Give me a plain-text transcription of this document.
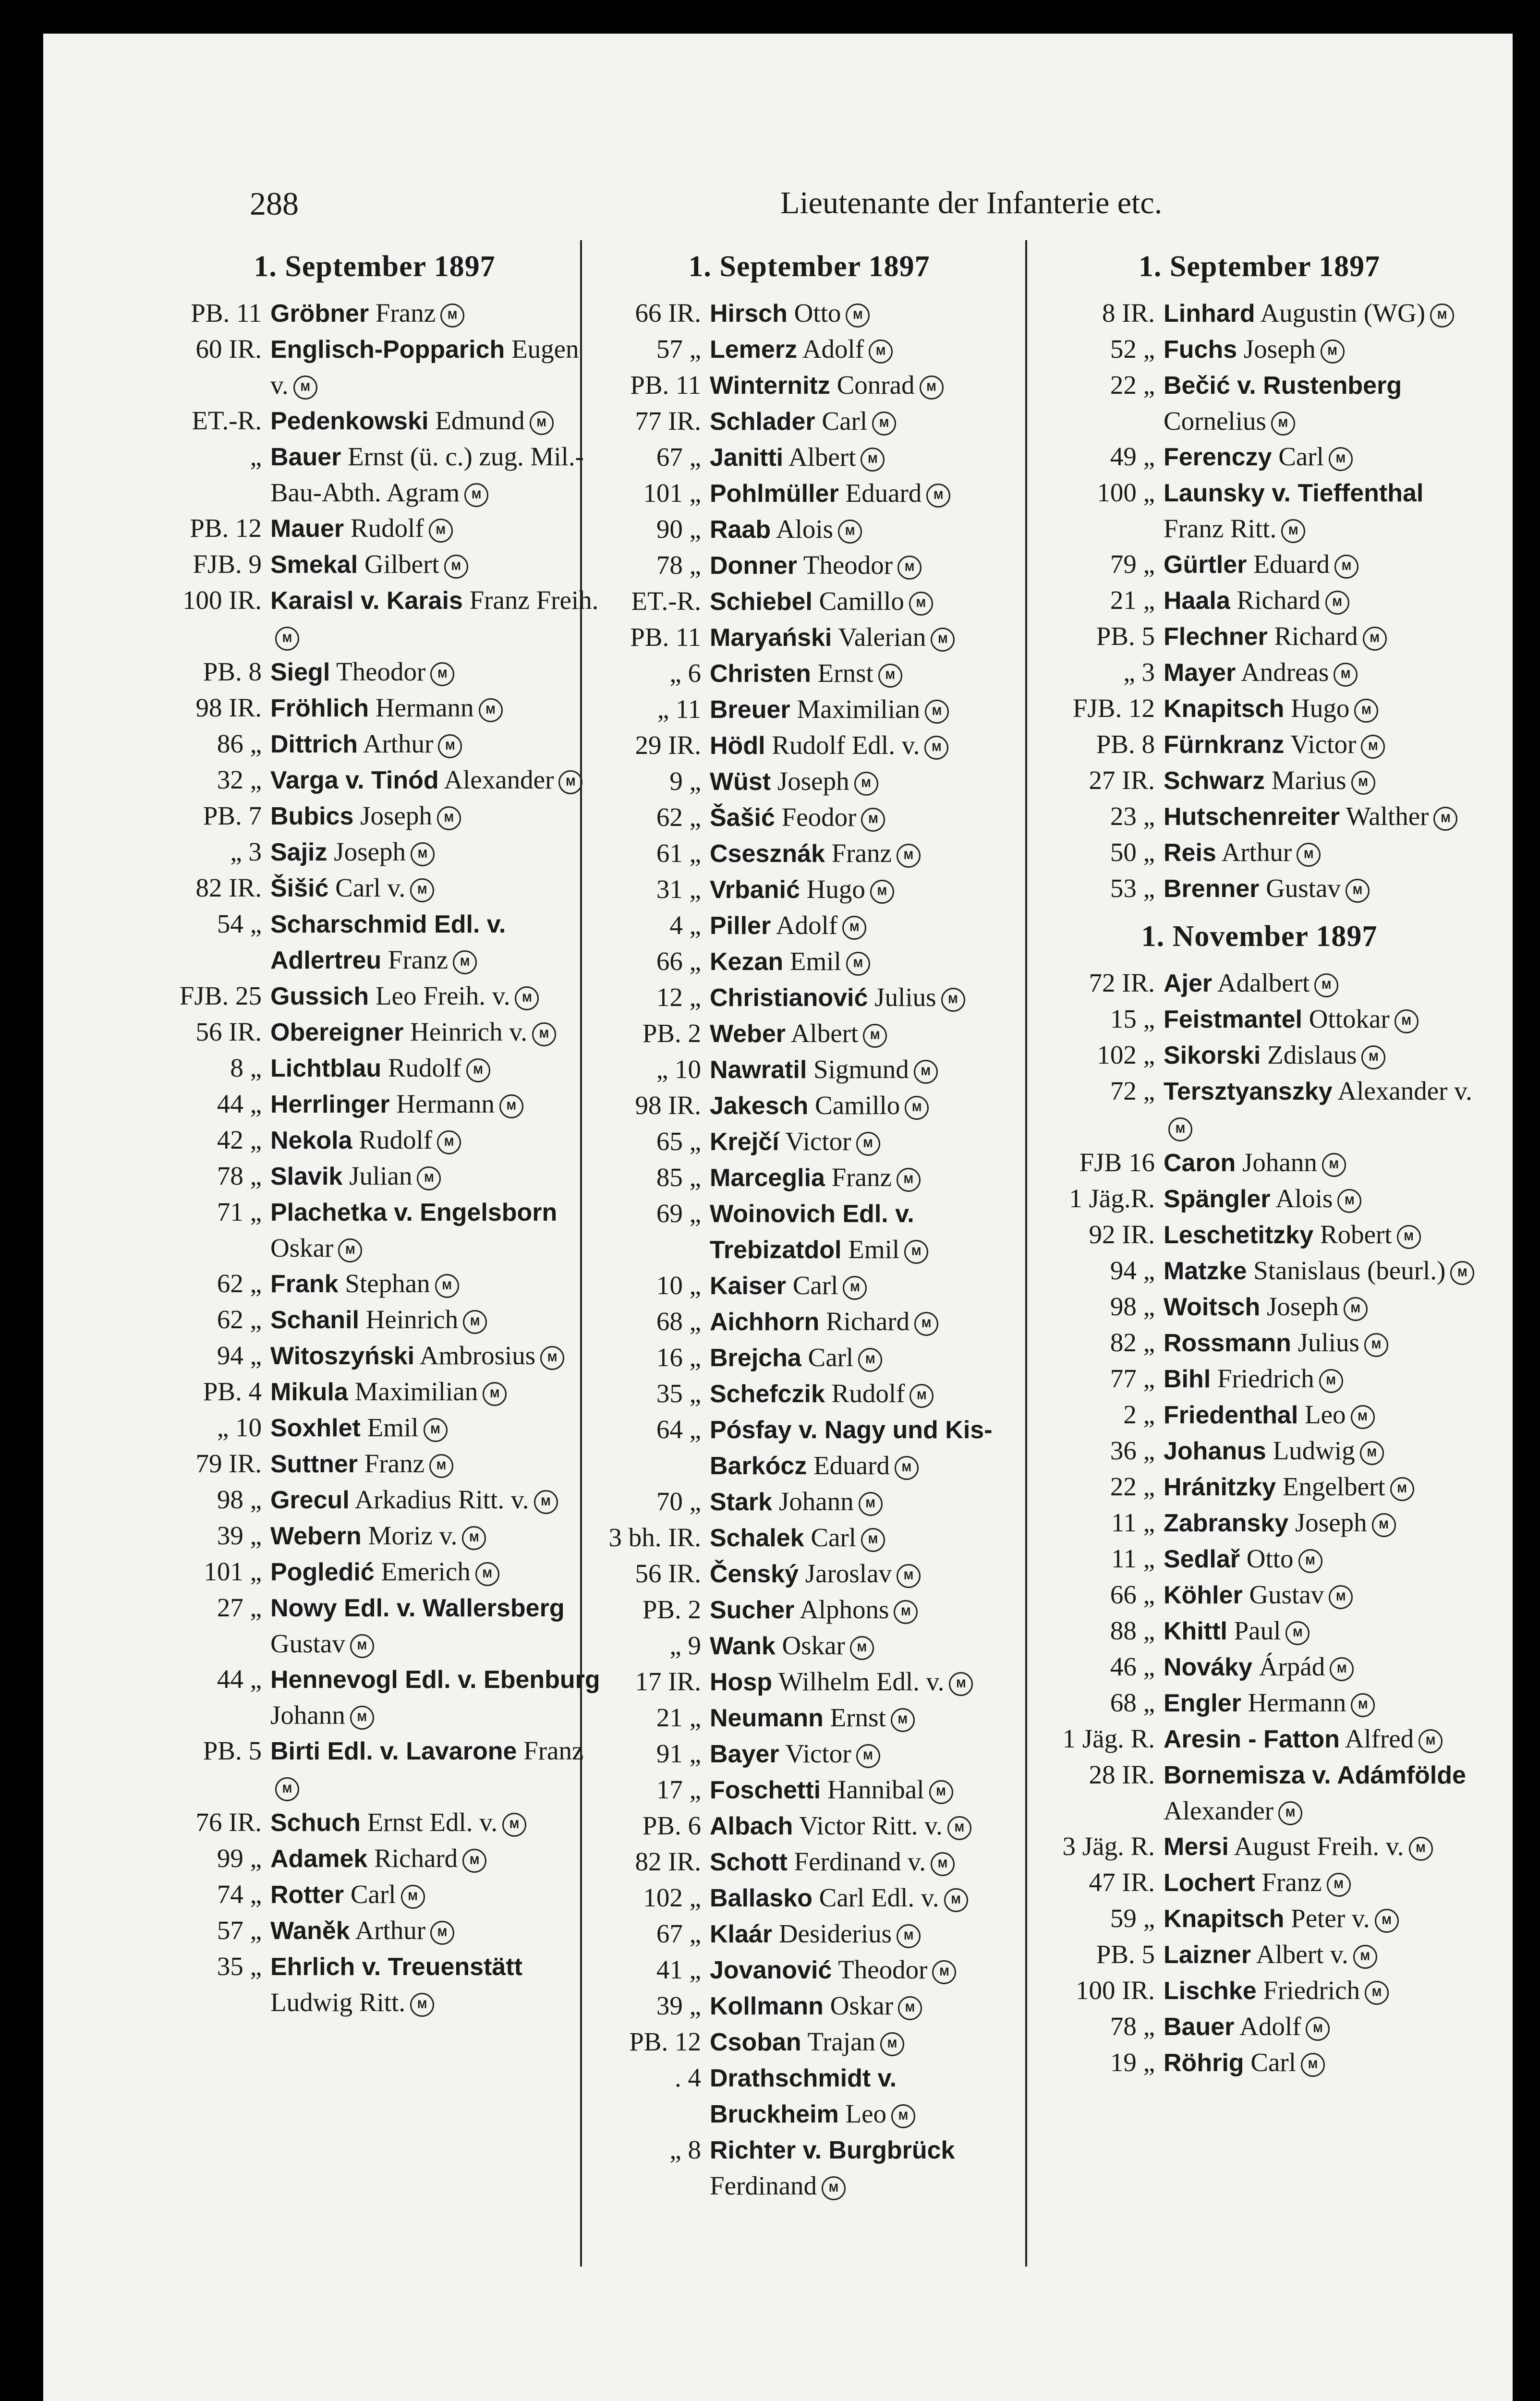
288	Lieutenante der Infanterie etc.
1. September 1897
PB. 11 Gröbner Franz M
60 IR. Englisch-Popparich Eugen v. M
ET.-R. Pedenkowski Edmund M
„ Bauer Ernst (ü. c.) zug. Mil.-Bau-Abth. Agram M
PB. 12 Mauer Rudolf M
FJB. 9 Smekal Gilbert M
100 IR. Karaisl v. Karais Franz Freih.M
PB. 8 Siegl Theodor M
98 IR. Fröhlich Hermann M
86 „ Dittrich Arthur M
32 „ Varga v. Tinód Alexander M
PB. 7 Bubics Joseph M
„ 3 Sajiz Joseph M
82 IR. Šišić Carl v. M
54 „ Scharschmid Edl. v. Adlertreu Franz M
FJB. 25 Gussich Leo Freih. v. M
56 IR. Obereigner Heinrich v. M
8 „ Lichtblau Rudolf M
44 „ Herrlinger Hermann M
42 „ Nekola Rudolf M
78 „ Slavik Julian M
71 „ Plachetka v. Engelsborn Oskar M
62 „ Frank Stephan M
62 „ Schanil Heinrich M
94 „ Witoszyński Ambrosius M
PB. 4 Mikula Maximilian M
„ 10 Soxhlet Emil M
79 IR. Suttner Franz M
98 „ Grecul Arkadius Ritt. v. M
39 „ Webern Moriz v. M
101 „ Pogledić Emerich M
27 „ Nowy Edl. v. Wallersberg Gustav M
44 „ Hennevogl Edl. v. Ebenburg Johann M
PB. 5 Birti Edl. v. Lavarone FranzM
76 IR. Schuch Ernst Edl. v. M
99 „ Adamek Richard M
74 „ Rotter Carl M
57 „ Waněk Arthur M
35 „ Ehrlich v. Treuenstätt Ludwig Ritt. M
1. September 1897
66 IR. Hirsch Otto M
57 „ Lemerz Adolf M
PB. 11 Winternitz Conrad M
77 IR. Schlader Carl M
67 „ Janitti Albert M
101 „ Pohlmüller Eduard M
90 „ Raab Alois M
78 „ Donner Theodor M
ET.-R. Schiebel Camillo M
PB. 11 Maryański Valerian M
„ 6 Christen Ernst M
„ 11 Breuer Maximilian M
29 IR. Hödl Rudolf Edl. v. M
9 „ Wüst Joseph M
62 „ Šašić Feodor M
61 „ Csesznák Franz M
31 „ Vrbanić Hugo M
4 „ Piller Adolf M
66 „ Kezan Emil M
12 „ Christianović Julius M
PB. 2 Weber Albert M
„ 10 Nawratil Sigmund M
98 IR. Jakesch Camillo M
65 „ Krejčí Victor M
85 „ Marceglia Franz M
69 „ Woinovich Edl. v. Trebizatdol Emil M
10 „ Kaiser Carl M
68 „ Aichhorn Richard M
16 „ Brejcha Carl M
35 „ Schefczik Rudolf M
64 „ Pósfay v. Nagy und Kis-Barkócz Eduard M
70 „ Stark Johann M
3 bh. IR. Schalek Carl M
56 IR. Čenský Jaroslav M
PB. 2 Sucher Alphons M
„ 9 Wank Oskar M
17 IR. Hosp Wilhelm Edl. v. M
21 „ Neumann Ernst M
91 „ Bayer Victor M
17 „ Foschetti Hannibal M
PB. 6 Albach Victor Ritt. v. M
82 IR. Schott Ferdinand v. M
102 „ Ballasko Carl Edl. v. M
67 „ Klaár Desiderius M
41 „ Jovanović Theodor M
39 „ Kollmann Oskar M
PB. 12 Csoban Trajan M
. 4 Drathschmidt v. Bruckheim Leo M
„ 8 Richter v. Burgbrück Ferdinand M
1. September 1897
8 IR. Linhard Augustin (WG) M
52 „ Fuchs Joseph M
22 „ Bečić v. Rustenberg Cornelius M
49 „ Ferenczy Carl M
100 „ Launsky v. Tieffenthal Franz Ritt. M
79 „ Gürtler Eduard M
21 „ Haala Richard M
PB. 5 Flechner Richard M
„ 3 Mayer Andreas M
FJB. 12 Knapitsch Hugo M
PB. 8 Fürnkranz Victor M
27 IR. Schwarz Marius M
23 „ Hutschenreiter Walther M
50 „ Reis Arthur M
53 „ Brenner Gustav M
1. November 1897
72 IR. Ajer Adalbert M
15 „ Feistmantel Ottokar M
102 „ Sikorski Zdislaus M
72 „ Tersztyanszky Alexander v.M
FJB 16 Caron Johann M
1 Jäg.R. Spängler Alois M
92 IR. Leschetitzky Robert M
94 „ Matzke Stanislaus (beurl.) M
98 „ Woitsch Joseph M
82 „ Rossmann Julius M
77 „ Bihl Friedrich M
2 „ Friedenthal Leo M
36 „ Johanus Ludwig M
22 „ Hránitzky Engelbert M
11 „ Zabransky Joseph M
11 „ Sedlař Otto M
66 „ Köhler Gustav M
88 „ Khittl Paul M
46 „ Nováky Árpád M
68 „ Engler Hermann M
1 Jäg. R. Aresin - Fatton Alfred M
28 IR. Bornemisza v. Adámfölde Alexander M
3 Jäg. R. Mersi August Freih. v. M
47 IR. Lochert Franz M
59 „ Knapitsch Peter v. M
PB. 5 Laizner Albert v. M
100 IR. Lischke Friedrich M
78 „ Bauer Adolf M
19 „ Röhrig Carl M
